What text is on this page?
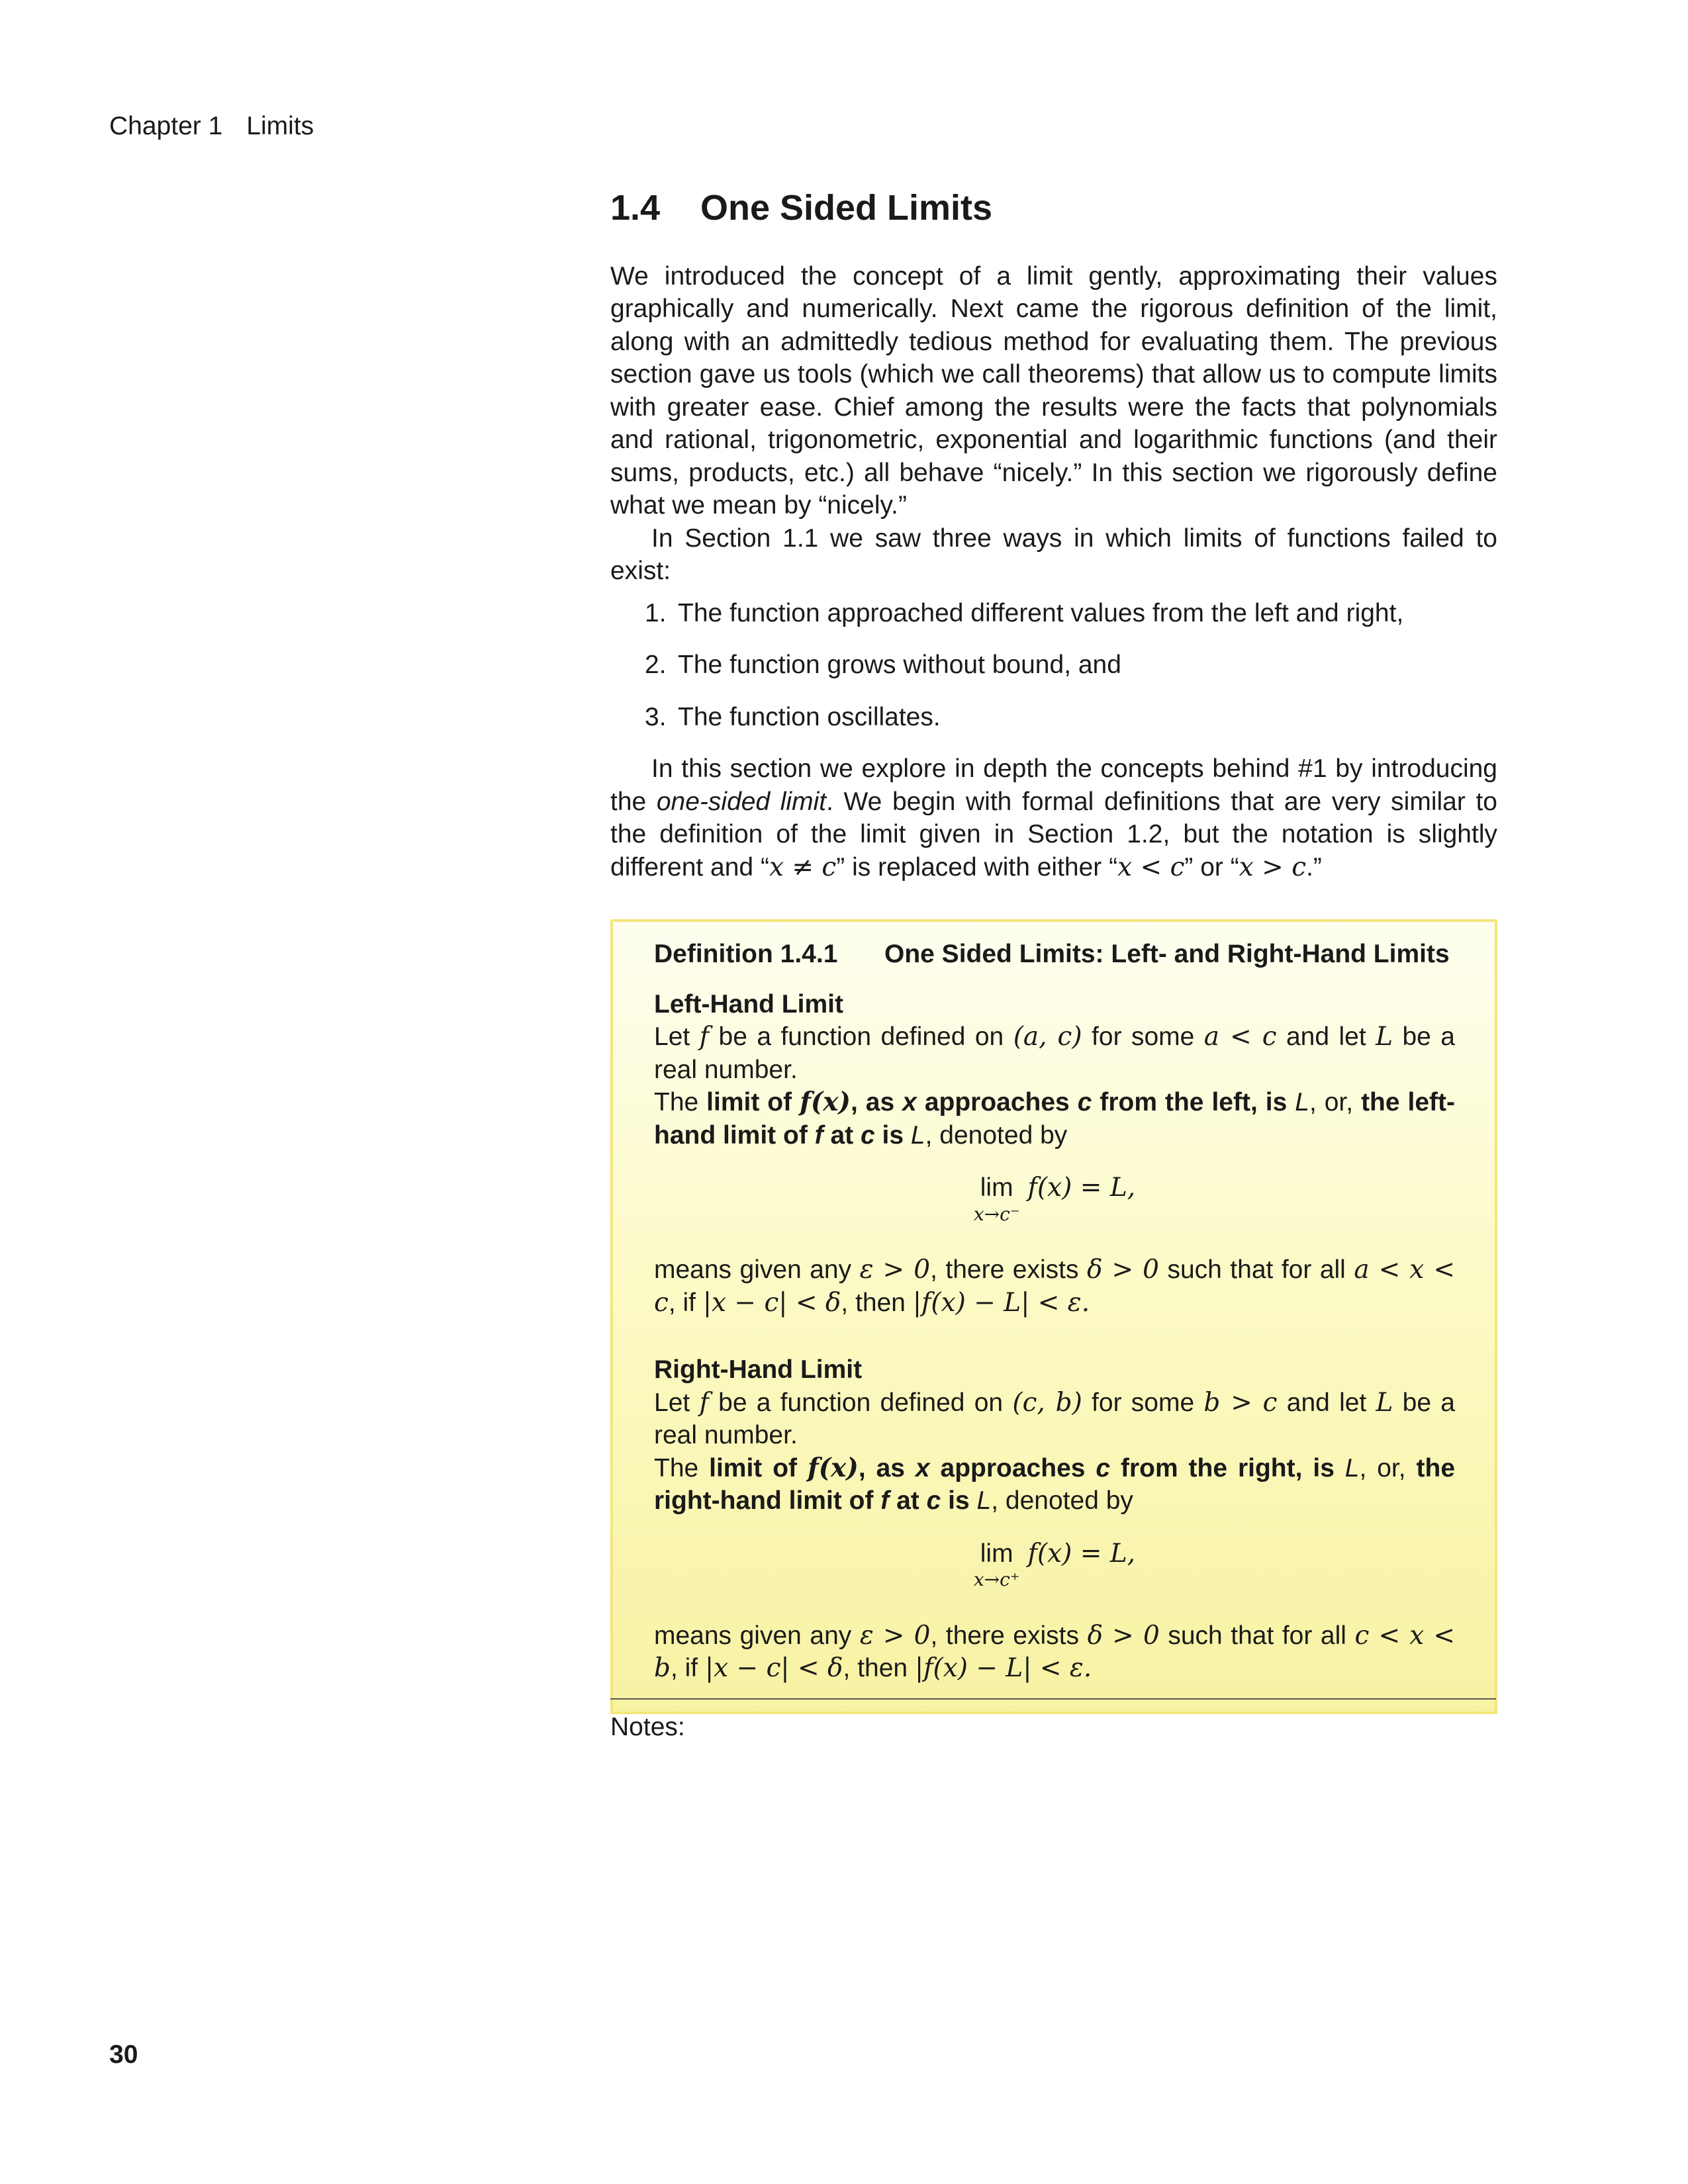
Chapter 1 Limits
1.4 One Sided Limits

We introduced the concept of a limit gently, approximating their values graphically and numerically. Next came the rigorous definition of the limit, along with an admittedly tedious method for evaluating them. The previous section gave us tools (which we call theorems) that allow us to compute limits with greater ease. Chief among the results were the facts that polynomials and rational, trigonometric, exponential and logarithmic functions (and their sums, products, etc.) all behave “nicely.” In this section we rigorously define what we mean by “nicely.”

In Section 1.1 we saw three ways in which limits of functions failed to exist:

1. The function approached different values from the left and right,
2. The function grows without bound, and
3. The function oscillates.

In this section we explore in depth the concepts behind #1 by introducing the one-sided limit. We begin with formal definitions that are very similar to the definition of the limit given in Section 1.2, but the notation is slightly different and “x ≠ c” is replaced with either “x < c” or “x > c.”

Definition 1.4.1 One Sided Limits: Left- and Right-Hand Limits
Left-Hand Limit

Let f be a function defined on (a, c) for some a < c and let L be a real number.

The limit of f(x), as x approaches c from the left, is L, or, the left-hand limit of f at c is L, denoted by

lim
x→c⁻
f(x) = L,

means given any ε > 0, there exists δ > 0 such that for all a < x < c, if |x − c| < δ, then |f(x) − L| < ε.

Right-Hand Limit

Let f be a function defined on (c, b) for some b > c and let L be a real number.

The limit of f(x), as x approaches c from the right, is L, or, the right-hand limit of f at c is L, denoted by

lim
x→c⁺
f(x) = L,

means given any ε > 0, there exists δ > 0 such that for all c < x < b, if |x − c| < δ, then |f(x) − L| < ε.

Notes:
30
